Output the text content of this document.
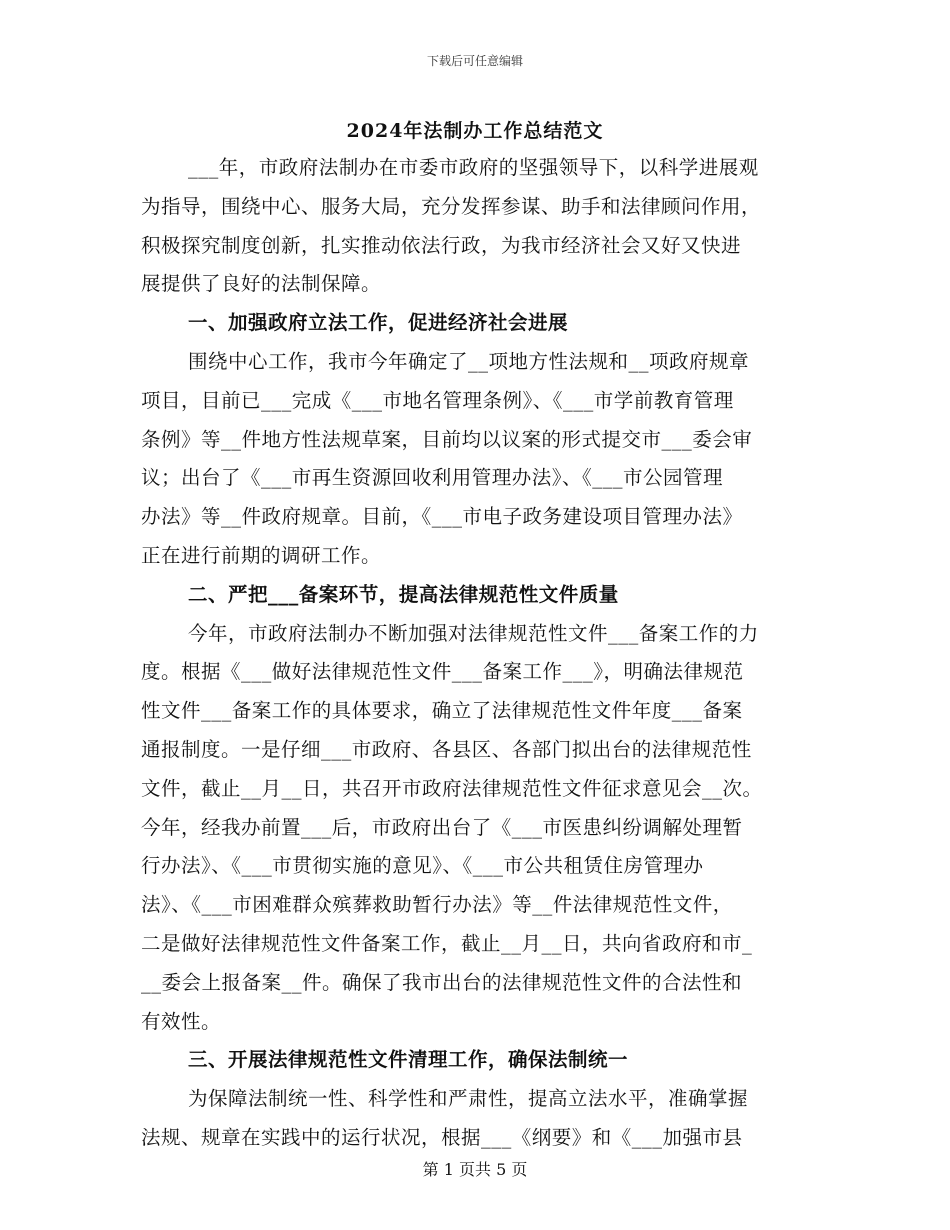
下载后可任意编辑
2024年法制办工作总结范文
___年，市政府法制办在市委市政府的坚强领导下，以科学进展观
为指导，围绕中心、服务大局，充分发挥参谋、助手和法律顾问作用，
积极探究制度创新，扎实推动依法行政，为我市经济社会又好又快进
展提供了良好的法制保障。
一、加强政府立法工作，促进经济社会进展
围绕中心工作，我市今年确定了__项地方性法规和__项政府规章
项目，目前已___完成《___市地名管理条例》、《___市学前教育管理
条例》等__件地方性法规草案，目前均以议案的形式提交市___委会审
议；出台了《___市再生资源回收利用管理办法》、《___市公园管理
办法》等__件政府规章。目前，《___市电子政务建设项目管理办法》
正在进行前期的调研工作。
二、严把___备案环节，提高法律规范性文件质量
今年，市政府法制办不断加强对法律规范性文件___备案工作的力
度。根据《___做好法律规范性文件___备案工作___》，明确法律规范
性文件___备案工作的具体要求，确立了法律规范性文件年度___备案
通报制度。一是仔细___市政府、各县区、各部门拟出台的法律规范性
文件，截止__月__日，共召开市政府法律规范性文件征求意见会__次。
今年，经我办前置___后，市政府出台了《___市医患纠纷调解处理暂
行办法》、《___市贯彻实施的意见》、《___市公共租赁住房管理办
法》、《___市困难群众殡葬救助暂行办法》等__件法律规范性文件，
二是做好法律规范性文件备案工作，截止__月__日，共向省政府和市_
__委会上报备案__件。确保了我市出台的法律规范性文件的合法性和
有效性。
三、开展法律规范性文件清理工作，确保法制统一
为保障法制统一性、科学性和严肃性，提高立法水平，准确掌握
法规、规章在实践中的运行状况，根据___《纲要》和《___加强市县
第 1 页共 5 页
